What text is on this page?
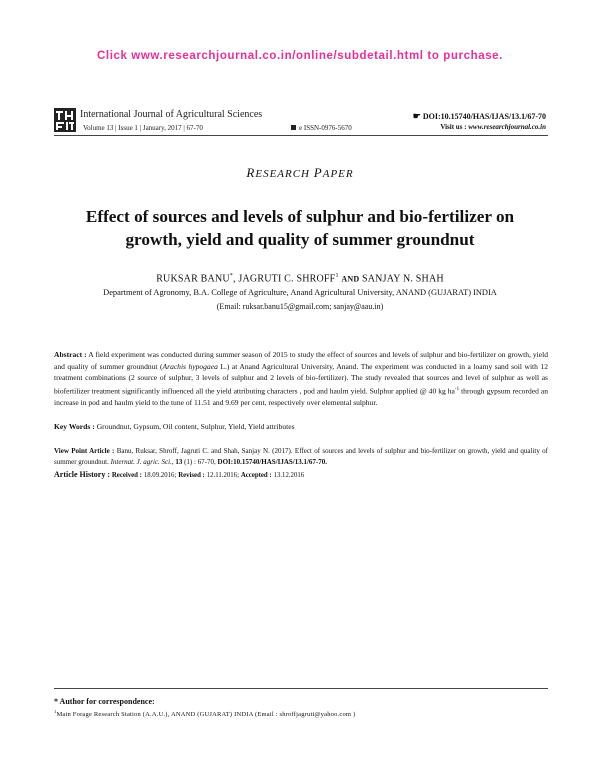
Click www.researchjournal.co.in/online/subdetail.html to purchase.
International Journal of Agricultural Sciences
Volume 13 | Issue 1 | January, 2017 | 67-70	e ISSN-0976-5670
☛ DOI:10.15740/HAS/IJAS/13.1/67-70
Visit us : www.researchjournal.co.in
RESEARCH PAPER
Effect of sources and levels of sulphur and bio-fertilizer on growth, yield and quality of summer groundnut
RUKSAR BANU*, JAGRUTI C. SHROFF$^1$ AND SANJAY N. SHAH
Department of Agronomy, B.A. College of Agriculture, Anand Agricultural University, ANAND (GUJARAT) INDIA
(Email: ruksar.banu15@gmail.com; sanjay@aau.in)
Abstract : A field experiment was conducted during summer season of 2015 to study the effect of sources and levels of sulphur and bio-fertilizer on growth, yield and quality of summer groundnut (Arachis hypogaea L.) at Anand Agricultural University, Anand. The experiment was conducted in a loamy sand soil with 12 treatment combinations (2 source of sulphur, 3 levels of sulphur and 2 levels of bio-fertilizer). The study revealed that sources and level of sulphur as well as biofertilizer treatment significantly influenced all the yield attributing characters , pod and haulm yield. Sulphur applied @ 40 kg $ha^{-1}$ through gypsum recorded an increase in pod and haulm yield to the tune of 11.51 and 9.69 per cent, respectively over elemental sulphur.
Key Words : Groundnut, Gypsum, Oil content, Sulphur, Yield, Yield attributes
View Point Article : Banu, Ruksar, Shroff, Jagruti C. and Shah, Sanjay N. (2017). Effect of sources and levels of sulphur and bio-fertilizer on growth, yield and quality of summer groundnut. Internat. J. agric. Sci., 13 (1) : 67-70, DOI:10.15740/HAS/IJAS/13.1/67-70.
Article History : Received : 18.09.2016; Revised : 12.11.2016; Accepted : 13.12.2016
* Author for correspondence:
$^1$Main Forage Research Station (A.A.U.), ANAND (GUJARAT) INDIA (Email : shroffjagruti@yahoo.com )
